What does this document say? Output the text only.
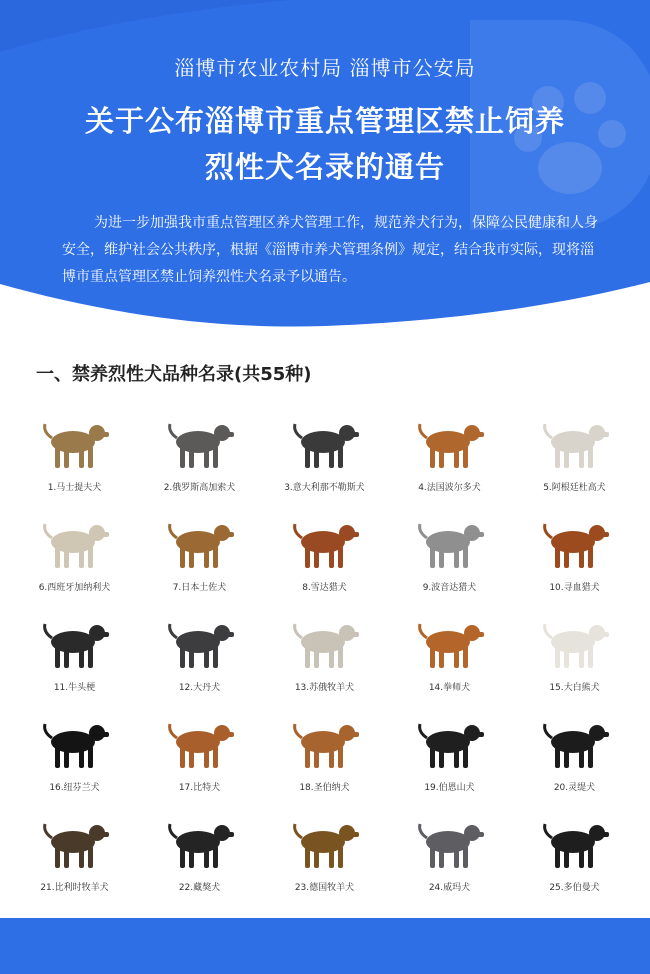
淄博市农业农村局 淄博市公安局
关于公布淄博市重点管理区禁止饲养
烈性犬名录的通告
为进一步加强我市重点管理区养犬管理工作，规范养犬行为，保障公民健康和人身安全，维护社会公共秩序，根据《淄博市养犬管理条例》规定，结合我市实际，现将淄博市重点管理区禁止饲养烈性犬名录予以通告。
一、禁养烈性犬品种名录(共55种)
1.马士提夫犬	2.俄罗斯高加索犬	3.意大利那不勒斯犬	4.法国波尔多犬	5.阿根廷杜高犬
6.西班牙加纳利犬	7.日本土佐犬	8.雪达猎犬	9.波音达猎犬	10.寻血猎犬
11.牛头梗	12.大丹犬	13.苏俄牧羊犬	14.拳师犬	15.大白熊犬
16.纽芬兰犬	17.比特犬	18.圣伯纳犬	19.伯恩山犬	20.灵缇犬
21.比利时牧羊犬	22.藏獒犬	23.德国牧羊犬	24.威玛犬	25.多伯曼犬
